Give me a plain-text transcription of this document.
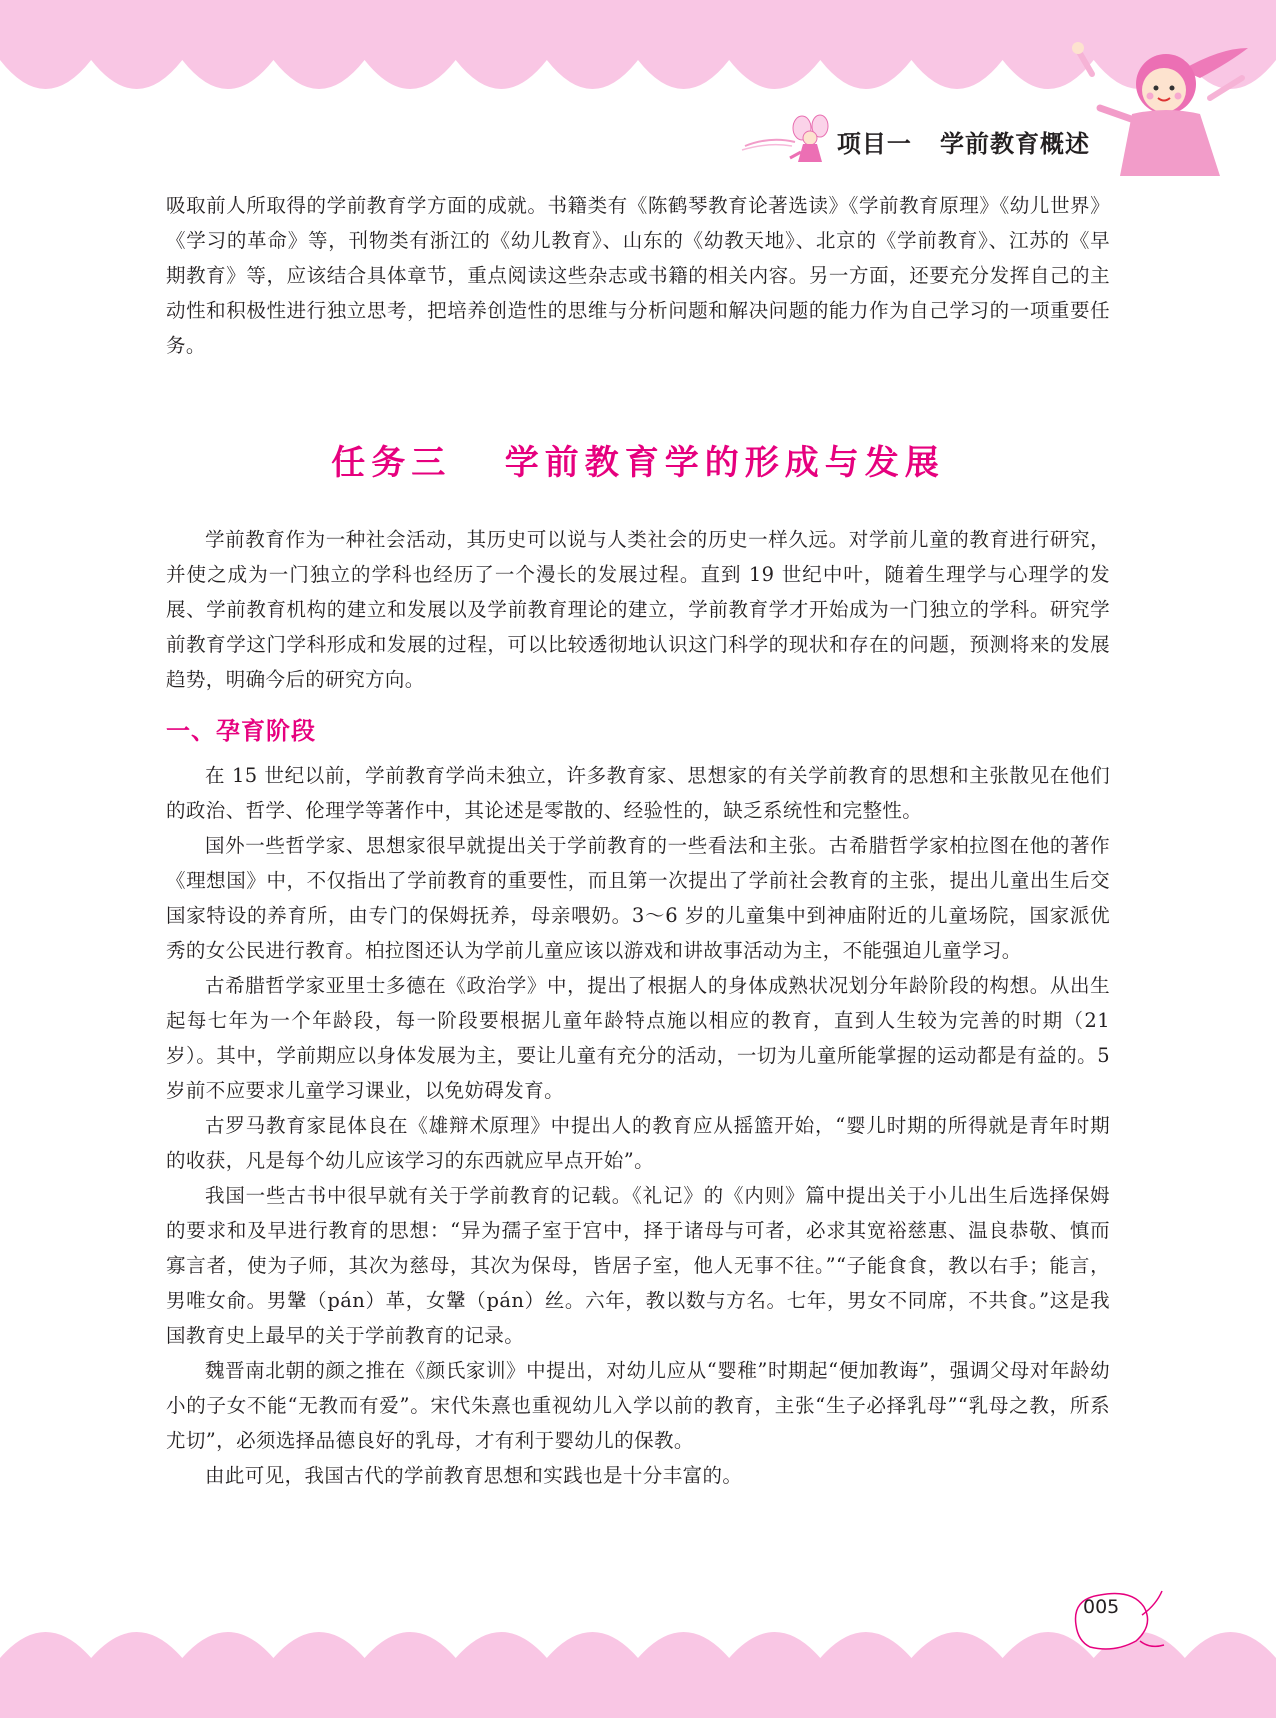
项目一   学前教育概述

吸取前人所取得的学前教育学方面的成就。书籍类有《陈鹤琴教育论著选读》《学前教育原理》《幼儿世界》《学习的革命》等，刊物类有浙江的《幼儿教育》、山东的《幼教天地》、北京的《学前教育》、江苏的《早期教育》等，应该结合具体章节，重点阅读这些杂志或书籍的相关内容。另一方面，还要充分发挥自己的主动性和积极性进行独立思考，把培养创造性的思维与分析问题和解决问题的能力作为自己学习的一项重要任务。

任务三   学前教育学的形成与发展

学前教育作为一种社会活动，其历史可以说与人类社会的历史一样久远。对学前儿童的教育进行研究，并使之成为一门独立的学科也经历了一个漫长的发展过程。直到 19 世纪中叶，随着生理学与心理学的发展、学前教育机构的建立和发展以及学前教育理论的建立，学前教育学才开始成为一门独立的学科。研究学前教育学这门学科形成和发展的过程，可以比较透彻地认识这门科学的现状和存在的问题，预测将来的发展趋势，明确今后的研究方向。

一、孕育阶段

在 15 世纪以前，学前教育学尚未独立，许多教育家、思想家的有关学前教育的思想和主张散见在他们的政治、哲学、伦理学等著作中，其论述是零散的、经验性的，缺乏系统性和完整性。

国外一些哲学家、思想家很早就提出关于学前教育的一些看法和主张。古希腊哲学家柏拉图在他的著作《理想国》中，不仅指出了学前教育的重要性，而且第一次提出了学前社会教育的主张，提出儿童出生后交国家特设的养育所，由专门的保姆抚养，母亲喂奶。3～6 岁的儿童集中到神庙附近的儿童场院，国家派优秀的女公民进行教育。柏拉图还认为学前儿童应该以游戏和讲故事活动为主，不能强迫儿童学习。

古希腊哲学家亚里士多德在《政治学》中，提出了根据人的身体成熟状况划分年龄阶段的构想。从出生起每七年为一个年龄段，每一阶段要根据儿童年龄特点施以相应的教育，直到人生较为完善的时期（21 岁）。其中，学前期应以身体发展为主，要让儿童有充分的活动，一切为儿童所能掌握的运动都是有益的。5 岁前不应要求儿童学习课业，以免妨碍发育。

古罗马教育家昆体良在《雄辩术原理》中提出人的教育应从摇篮开始，“婴儿时期的所得就是青年时期的收获，凡是每个幼儿应该学习的东西就应早点开始”。

我国一些古书中很早就有关于学前教育的记载。《礼记》的《内则》篇中提出关于小儿出生后选择保姆的要求和及早进行教育的思想：“异为孺子室于宫中，择于诸母与可者，必求其宽裕慈惠、温良恭敬、慎而寡言者，使为子师，其次为慈母，其次为保母，皆居子室，他人无事不往。”“子能食食，教以右手；能言，男唯女俞。男鞶（pán）革，女鞶（pán）丝。六年，教以数与方名。七年，男女不同席，不共食。”这是我国教育史上最早的关于学前教育的记录。

魏晋南北朝的颜之推在《颜氏家训》中提出，对幼儿应从“婴稚”时期起“便加教诲”，强调父母对年龄幼小的子女不能“无教而有爱”。宋代朱熹也重视幼儿入学以前的教育，主张“生子必择乳母”“乳母之教，所系尤切”，必须选择品德良好的乳母，才有利于婴幼儿的保教。

由此可见，我国古代的学前教育思想和实践也是十分丰富的。

005
